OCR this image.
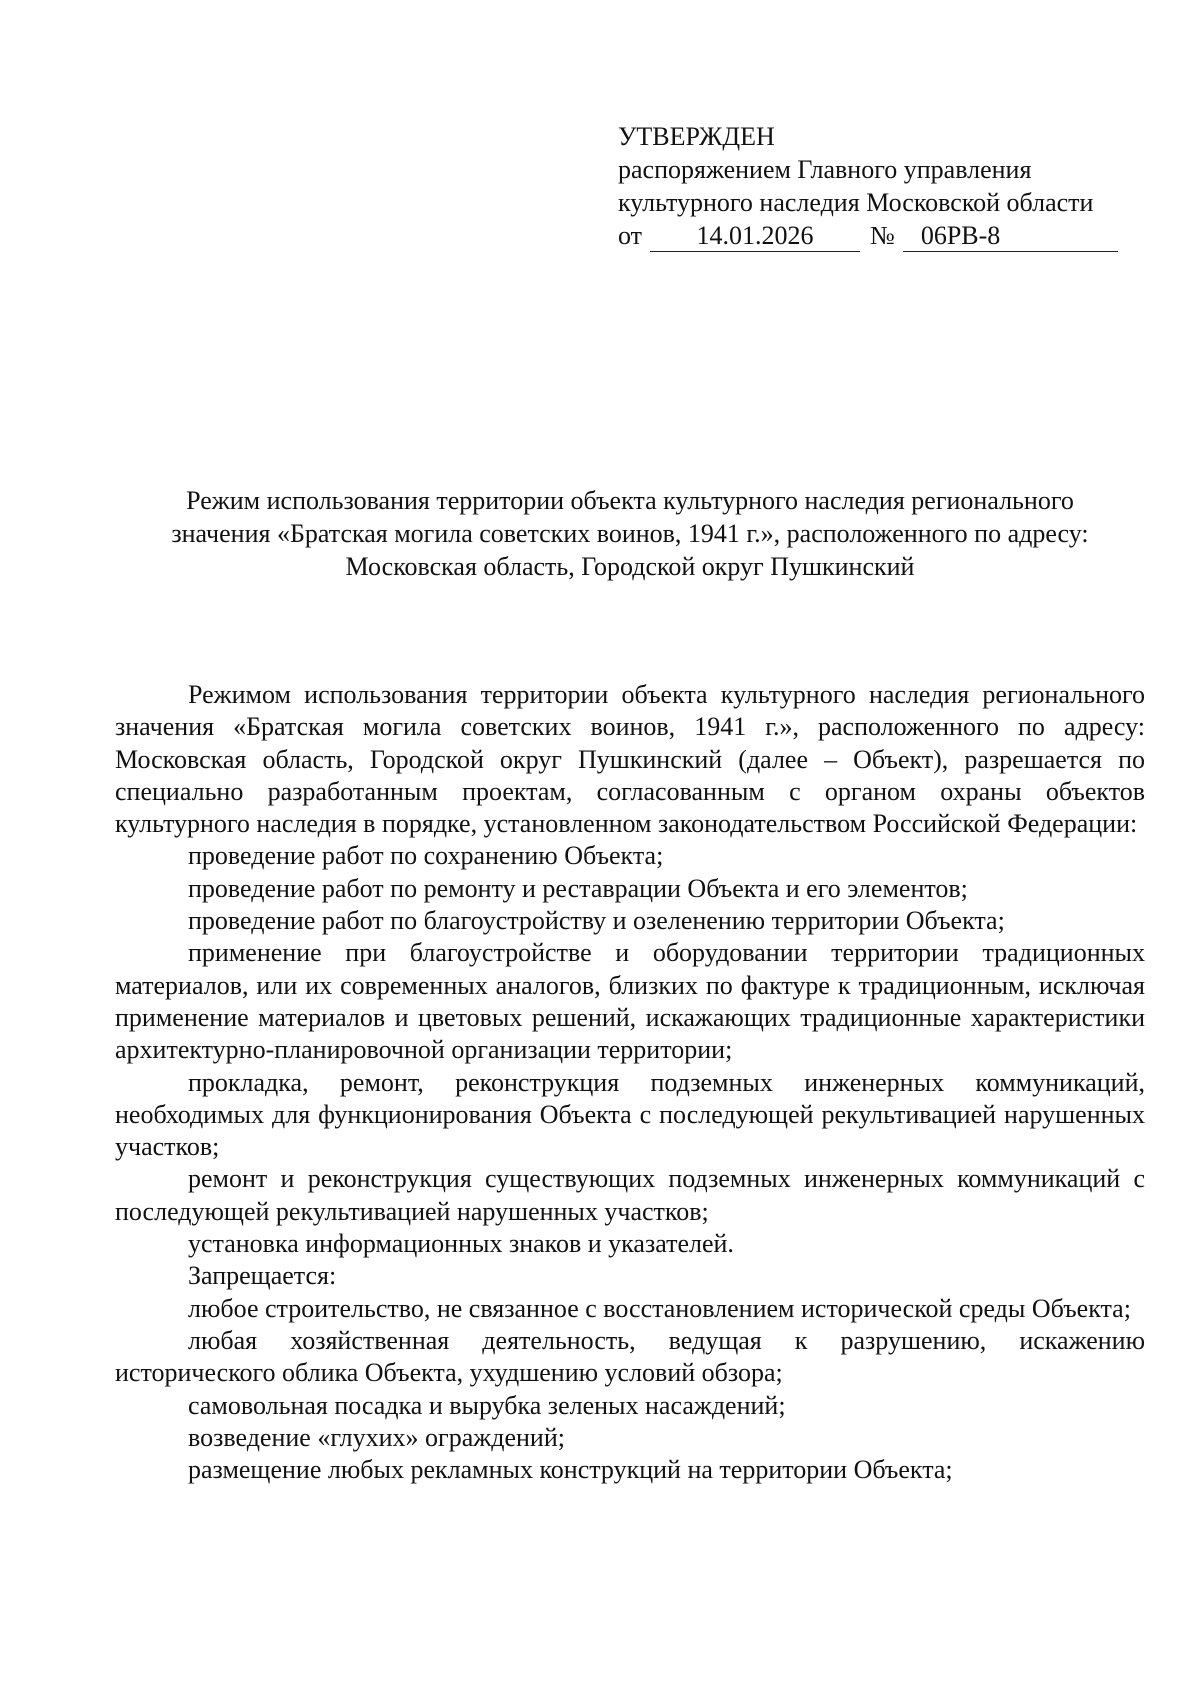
УТВЕРЖДЕН
распоряжением Главного управления
культурного наследия Московской области
от	14.01.2026	№	06РВ-8
Режим использования территории объекта культурного наследия регионального
значения «Братская могила советских воинов, 1941 г.», расположенного по адресу:
Московская область, Городской округ Пушкинский

Режимом использования территории объекта культурного наследия регионального значения «Братская могила советских воинов, 1941 г.», расположенного по адресу: Московская область, Городской округ Пушкинский (далее – Объект), разрешается по специально разработанным проектам, согласованным с органом охраны объектов культурного наследия в порядке, установленном законодательством Российской Федерации:

проведение работ по сохранению Объекта;

проведение работ по ремонту и реставрации Объекта и его элементов;

проведение работ по благоустройству и озеленению территории Объекта;

применение при благоустройстве и оборудовании территории традиционных материалов, или их современных аналогов, близких по фактуре к традиционным, исключая применение материалов и цветовых решений, искажающих традиционные характеристики архитектурно-планировочной организации территории;

прокладка, ремонт, реконструкция подземных инженерных коммуникаций, необходимых для функционирования Объекта с последующей рекультивацией нарушенных участков;

ремонт и реконструкция существующих подземных инженерных коммуникаций с последующей рекультивацией нарушенных участков;

установка информационных знаков и указателей.

Запрещается:

любое строительство, не связанное с восстановлением исторической среды Объекта;

любая хозяйственная деятельность, ведущая к разрушению, искажению исторического облика Объекта, ухудшению условий обзора;

самовольная посадка и вырубка зеленых насаждений;

возведение «глухих» ограждений;

размещение любых рекламных конструкций на территории Объекта;
